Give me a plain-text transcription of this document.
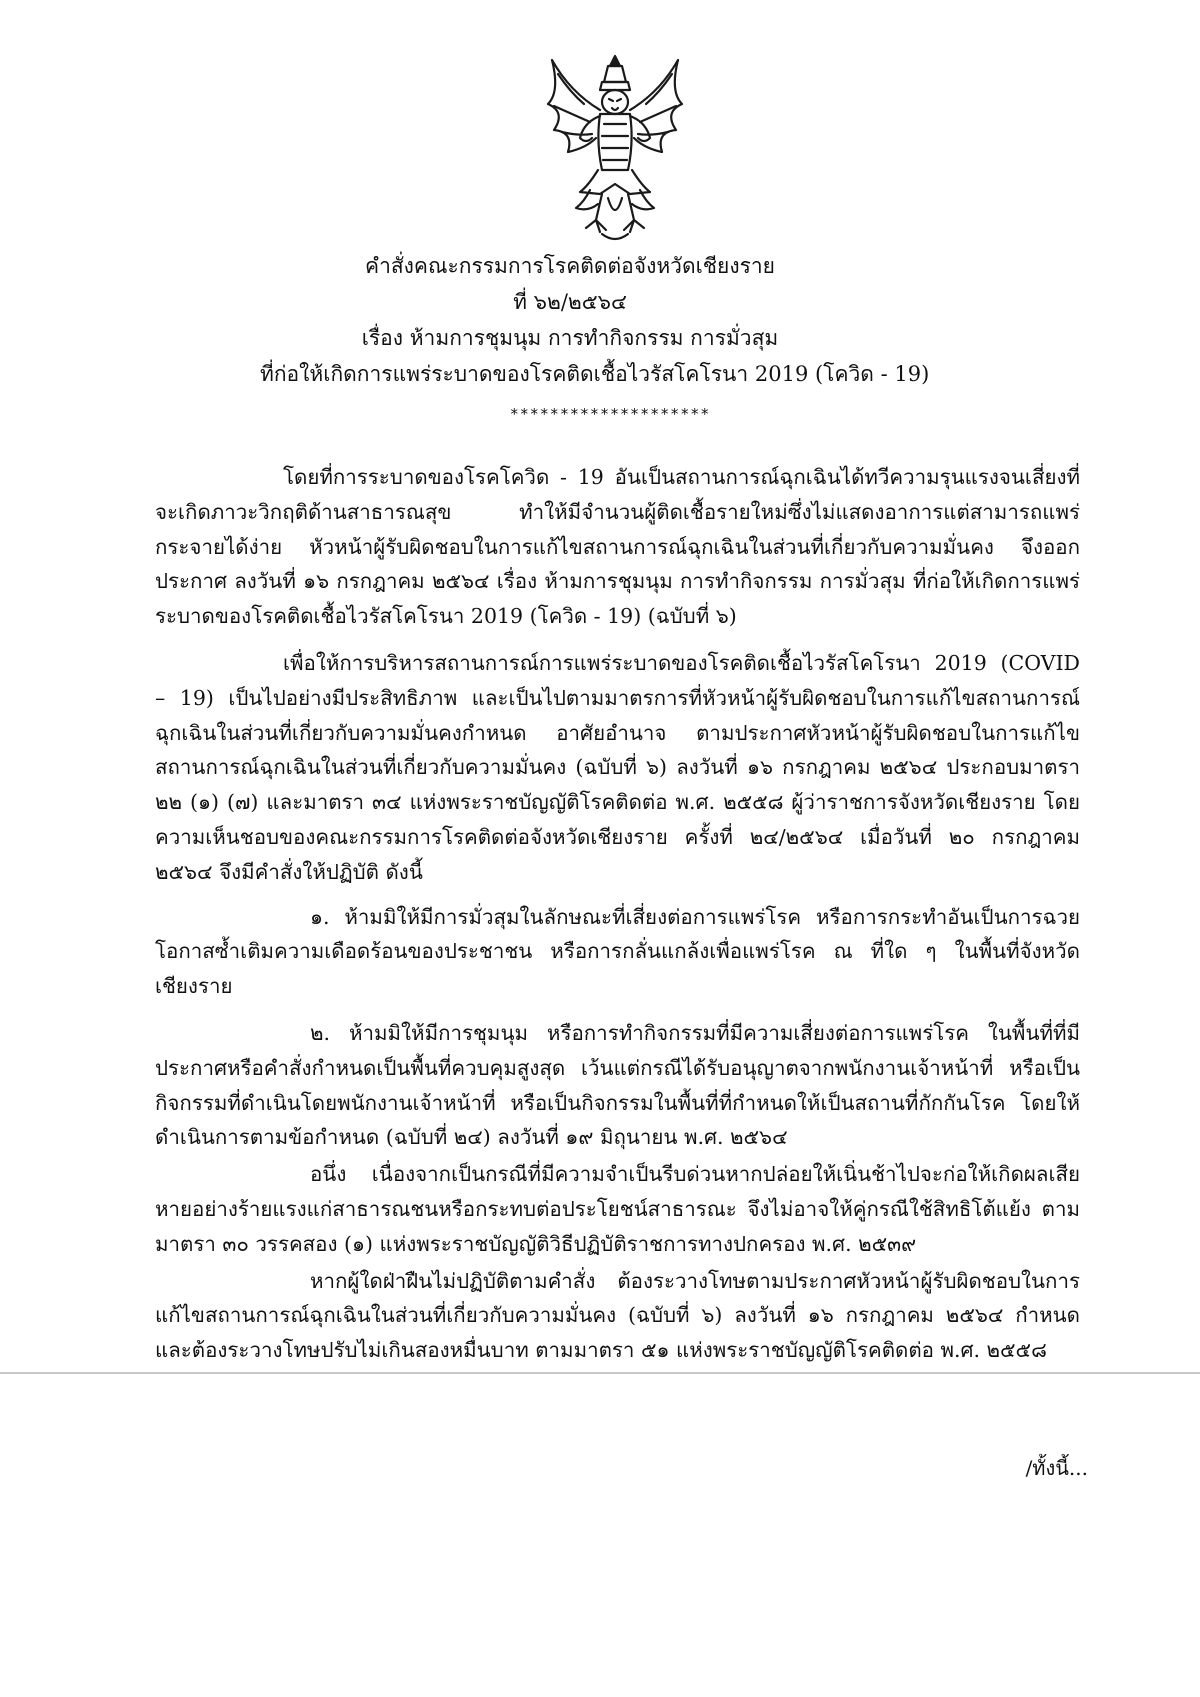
คำสั่งคณะกรรมการโรคติดต่อจังหวัดเชียงราย
ที่ ๖๒/๒๕๖๔
เรื่อง ห้ามการชุมนุม การทำกิจกรรม การมั่วสุม
ที่ก่อให้เกิดการแพร่ระบาดของโรคติดเชื้อไวรัสโคโรนา 2019 (โควิด - 19)
********************

โดยที่การระบาดของโรคโควิด - 19 อันเป็นสถานการณ์ฉุกเฉินได้ทวีความรุนแรงจนเสี่ยงที่จะเกิดภาวะวิกฤติด้านสาธารณสุข ทำให้มีจำนวนผู้ติดเชื้อรายใหม่ซึ่งไม่แสดงอาการแต่สามารถแพร่กระจายได้ง่าย หัวหน้าผู้รับผิดชอบในการแก้ไขสถานการณ์ฉุกเฉินในส่วนที่เกี่ยวกับความมั่นคง จึงออกประกาศ ลงวันที่ ๑๖ กรกฎาคม ๒๕๖๔ เรื่อง ห้ามการชุมนุม การทำกิจกรรม การมั่วสุม ที่ก่อให้เกิดการแพร่ระบาดของโรคติดเชื้อไวรัสโคโรนา 2019 (โควิด - 19) (ฉบับที่ ๖)

เพื่อให้การบริหารสถานการณ์การแพร่ระบาดของโรคติดเชื้อไวรัสโคโรนา 2019 (COVID – 19) เป็นไปอย่างมีประสิทธิภาพ และเป็นไปตามมาตรการที่หัวหน้าผู้รับผิดชอบในการแก้ไขสถานการณ์ฉุกเฉินในส่วนที่เกี่ยวกับความมั่นคงกำหนด อาศัยอำนาจ ตามประกาศหัวหน้าผู้รับผิดชอบในการแก้ไขสถานการณ์ฉุกเฉินในส่วนที่เกี่ยวกับความมั่นคง (ฉบับที่ ๖) ลงวันที่ ๑๖ กรกฎาคม ๒๕๖๔ ประกอบมาตรา ๒๒ (๑) (๗) และมาตรา ๓๔ แห่งพระราชบัญญัติโรคติดต่อ พ.ศ. ๒๕๕๘ ผู้ว่าราชการจังหวัดเชียงราย โดยความเห็นชอบของคณะกรรมการโรคติดต่อจังหวัดเชียงราย ครั้งที่ ๒๔/๒๕๖๔ เมื่อวันที่ ๒๐ กรกฎาคม ๒๕๖๔ จึงมีคำสั่งให้ปฏิบัติ ดังนี้

๑. ห้ามมิให้มีการมั่วสุมในลักษณะที่เสี่ยงต่อการแพร่โรค หรือการกระทำอันเป็นการฉวยโอกาสซ้ำเติมความเดือดร้อนของประชาชน หรือการกลั่นแกล้งเพื่อแพร่โรค ณ ที่ใด ๆ ในพื้นที่จังหวัดเชียงราย

๒. ห้ามมิให้มีการชุมนุม หรือการทำกิจกรรมที่มีความเสี่ยงต่อการแพร่โรค ในพื้นที่ที่มีประกาศหรือคำสั่งกำหนดเป็นพื้นที่ควบคุมสูงสุด เว้นแต่กรณีได้รับอนุญาตจากพนักงานเจ้าหน้าที่ หรือเป็นกิจกรรมที่ดำเนินโดยพนักงานเจ้าหน้าที่ หรือเป็นกิจกรรมในพื้นที่ที่กำหนดให้เป็นสถานที่กักกันโรค โดยให้ดำเนินการตามข้อกำหนด (ฉบับที่ ๒๔) ลงวันที่ ๑๙ มิถุนายน พ.ศ. ๒๕๖๔

อนึ่ง เนื่องจากเป็นกรณีที่มีความจำเป็นรีบด่วนหากปล่อยให้เนิ่นช้าไปจะก่อให้เกิดผลเสียหายอย่างร้ายแรงแก่สาธารณชนหรือกระทบต่อประโยชน์สาธารณะ จึงไม่อาจให้คู่กรณีใช้สิทธิโต้แย้ง ตามมาตรา ๓๐ วรรคสอง (๑) แห่งพระราชบัญญัติวิธีปฏิบัติราชการทางปกครอง พ.ศ. ๒๕๓๙

หากผู้ใดฝ่าฝืนไม่ปฏิบัติตามคำสั่ง ต้องระวางโทษตามประกาศหัวหน้าผู้รับผิดชอบในการแก้ไขสถานการณ์ฉุกเฉินในส่วนที่เกี่ยวกับความมั่นคง (ฉบับที่ ๖) ลงวันที่ ๑๖ กรกฎาคม ๒๕๖๔ กำหนด และต้องระวางโทษปรับไม่เกินสองหมื่นบาท ตามมาตรา ๕๑ แห่งพระราชบัญญัติโรคติดต่อ พ.ศ. ๒๕๕๘

/ทั้งนี้...
